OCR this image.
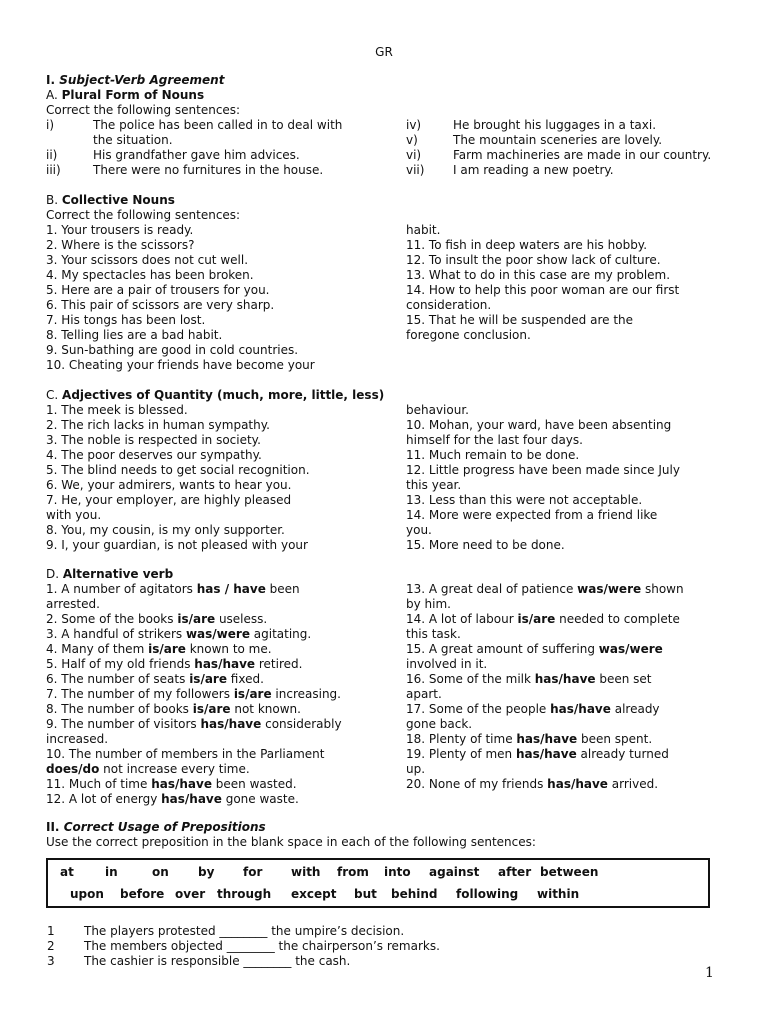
GR
I. Subject-Verb Agreement
A. Plural Form of Nouns
Correct the following sentences:
i)	The police has been called in to deal with
the situation.
ii)	His grandfather gave him advices.
iii)	There were no furnitures in the house.
iv)	He brought his luggages in a taxi.
v)	The mountain sceneries are lovely.
vi)	Farm machineries are made in our country.
vii) I am reading a new poetry.
B. Collective Nouns
Correct the following sentences:
1. Your trousers is ready.
2. Where is the scissors?
3. Your scissors does not cut well.
4. My spectacles has been broken.
5. Here are a pair of trousers for you.
6. This pair of scissors are very sharp.
7. His tongs has been lost.
8. Telling lies are a bad habit.
9. Sun-bathing are good in cold countries.
10. Cheating your friends have become your
habit.
11. To fish in deep waters are his hobby.
12. To insult the poor show lack of culture.
13. What to do in this case are my problem.
14. How to help this poor woman are our first
consideration.
15. That he will be suspended are the
foregone conclusion.
C. Adjectives of Quantity (much, more, little, less)
1. The meek is blessed.
2. The rich lacks in human sympathy.
3. The noble is respected in society.
4. The poor deserves our sympathy.
5. The blind needs to get social recognition.
6. We, your admirers, wants to hear you.
7. He, your employer, are highly pleased
with you.
8. You, my cousin, is my only supporter.
9. I, your guardian, is not pleased with your
behaviour.
10. Mohan, your ward, have been absenting
himself for the last four days.
11. Much remain to be done.
12. Little progress have been made since July
this year.
13. Less than this were not acceptable.
14. More were expected from a friend like
you.
15. More need to be done.
D. Alternative verb
1. A number of agitators has / have been
arrested.
2. Some of the books is/are useless.
3. A handful of strikers was/were agitating.
4. Many of them is/are known to me.
5. Half of my old friends has/have retired.
6. The number of seats is/are fixed.
7. The number of my followers is/are increasing.
8. The number of books is/are not known.
9. The number of visitors has/have considerably
increased.
10. The number of members in the Parliament
does/do not increase every time.
11. Much of time has/have been wasted.
12. A lot of energy has/have gone waste.
13. A great deal of patience was/were shown
by him.
14. A lot of labour is/are needed to complete
this task.
15. A great amount of suffering was/were
involved in it.
16. Some of the milk has/have been set
apart.
17. Some of the people has/have already
gone back.
18. Plenty of time has/have been spent.
19. Plenty of men has/have already turned
up.
20. None of my friends has/have arrived.
II. Correct Usage of Prepositions
Use the correct preposition in the blank space in each of the following sentences:
at	in	on by for with from into against after between
upon before over through except but behind following within
1 The players protested ________ the umpire’s decision.
2 The members objected ________ the chairperson’s remarks.
3 The cashier is responsible ________ the cash.
1
